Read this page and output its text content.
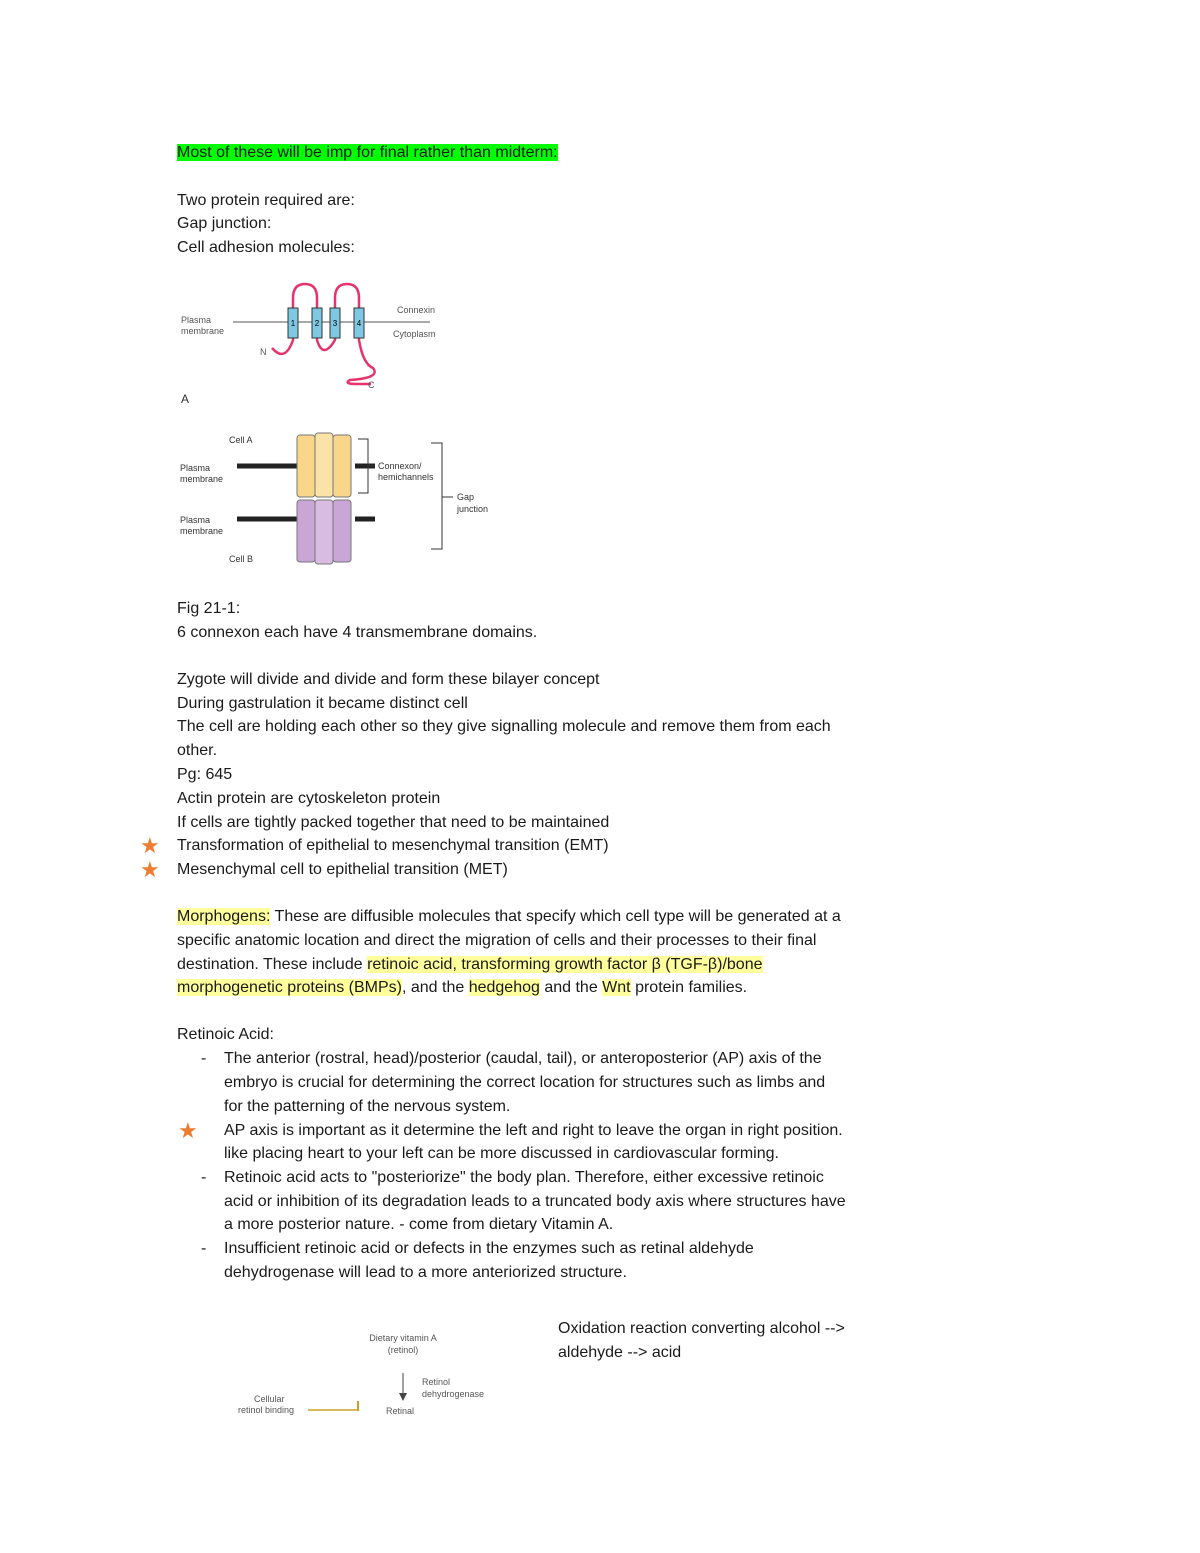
Most of these will be imp for final rather than midterm:
Two protein required are:
Gap junction:
Cell adhesion molecules:
1 2 3 4
Plasma
membrane
Connexin
Cytoplasm
N
C
A
Cell A
Cell B
Plasma
membrane
Plasma
membrane
Connexon/
hemichannels
Gap
junction
Fig 21-1:
6 connexon each have 4 transmembrane domains.
Zygote will divide and divide and form these bilayer concept
During gastrulation it became distinct cell
The cell are holding each other so they give signalling molecule and remove them from each
other.
Pg: 645
Actin protein are cytoskeleton protein
If cells are tightly packed together that need to be maintained
★ Transformation of epithelial to mesenchymal transition (EMT)
★ Mesenchymal cell to epithelial transition (MET)
Morphogens: These are diffusible molecules that specify which cell type will be generated at a
specific anatomic location and direct the migration of cells and their processes to their final
destination. These include retinoic acid, transforming growth factor β (TGF-β)/bone
morphogenetic proteins (BMPs), and the hedgehog and the Wnt protein families.
Retinoic Acid:
- The anterior (rostral, head)/posterior (caudal, tail), or anteroposterior (AP) axis of the
embryo is crucial for determining the correct location for structures such as limbs and
for the patterning of the nervous system.
★ AP axis is important as it determine the left and right to leave the organ in right position.
like placing heart to your left can be more discussed in cardiovascular forming.
- Retinoic acid acts to "posteriorize" the body plan. Therefore, either excessive retinoic
acid or inhibition of its degradation leads to a truncated body axis where structures have
a more posterior nature. - come from dietary Vitamin A.
- Insufficient retinoic acid or defects in the enzymes such as retinal aldehyde
dehydrogenase will lead to a more anteriorized structure.
Dietary vitamin A
(retinol)
Retinol
dehydrogenase
Cellular
retinol binding	Retinal
Oxidation reaction converting alcohol -->
aldehyde --> acid
